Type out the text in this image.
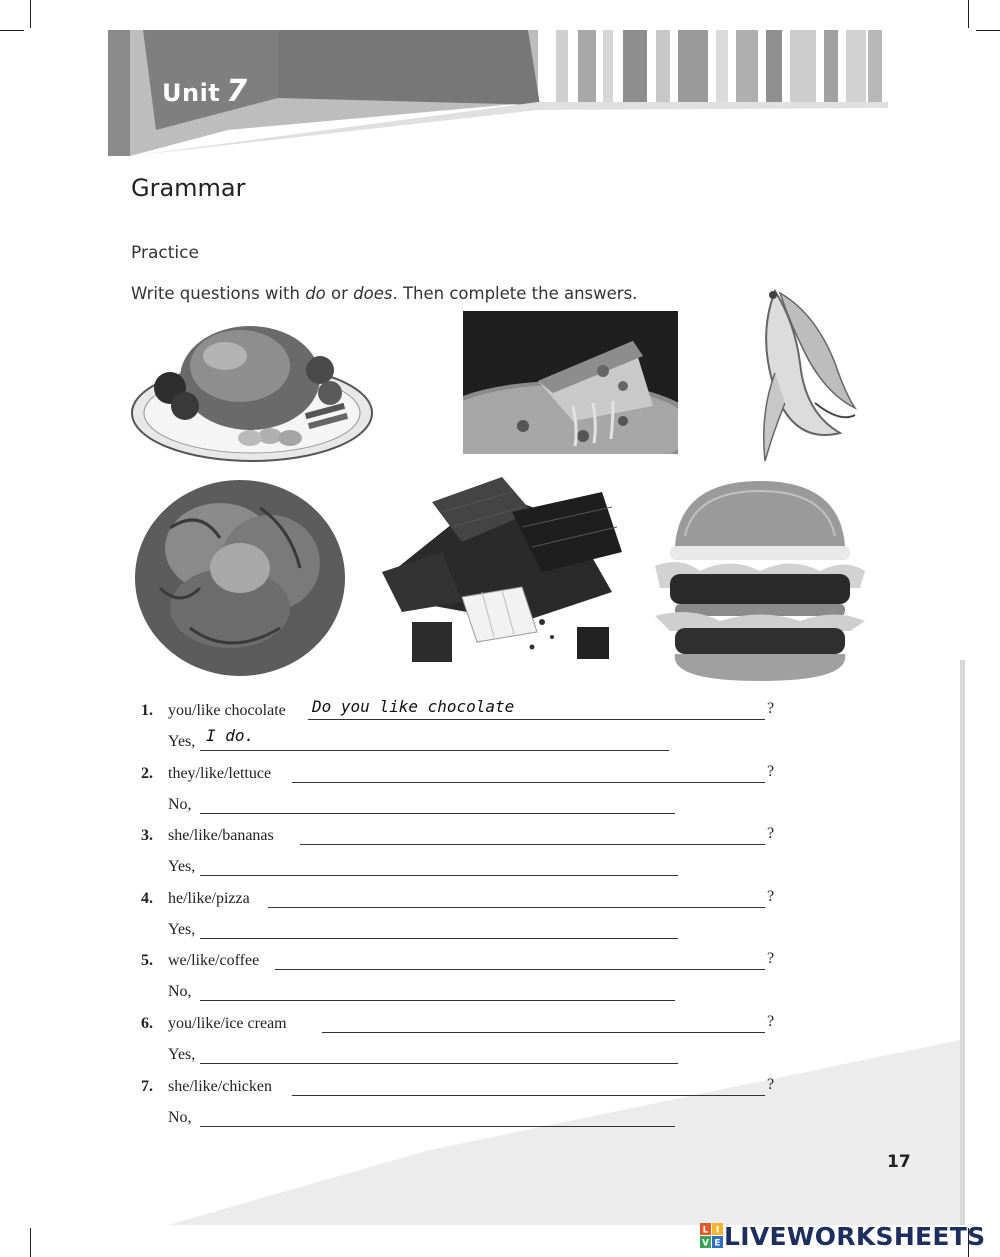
Unit 7
Grammar
Practice
Write questions with do or does. Then complete the answers.
1. you/like chocolate
Do you like chocolate	?
Yes,
I do.
2. they/like/lettuce	?
No,
3. she/like/bananas	?
Yes,
4. he/like/pizza	?
Yes,
5. we/like/coffee	?
No,
6. you/like/ice cream	?
Yes,
7. she/like/chicken	?
No,
17
L I
V E LIVEWORKSHEETS
